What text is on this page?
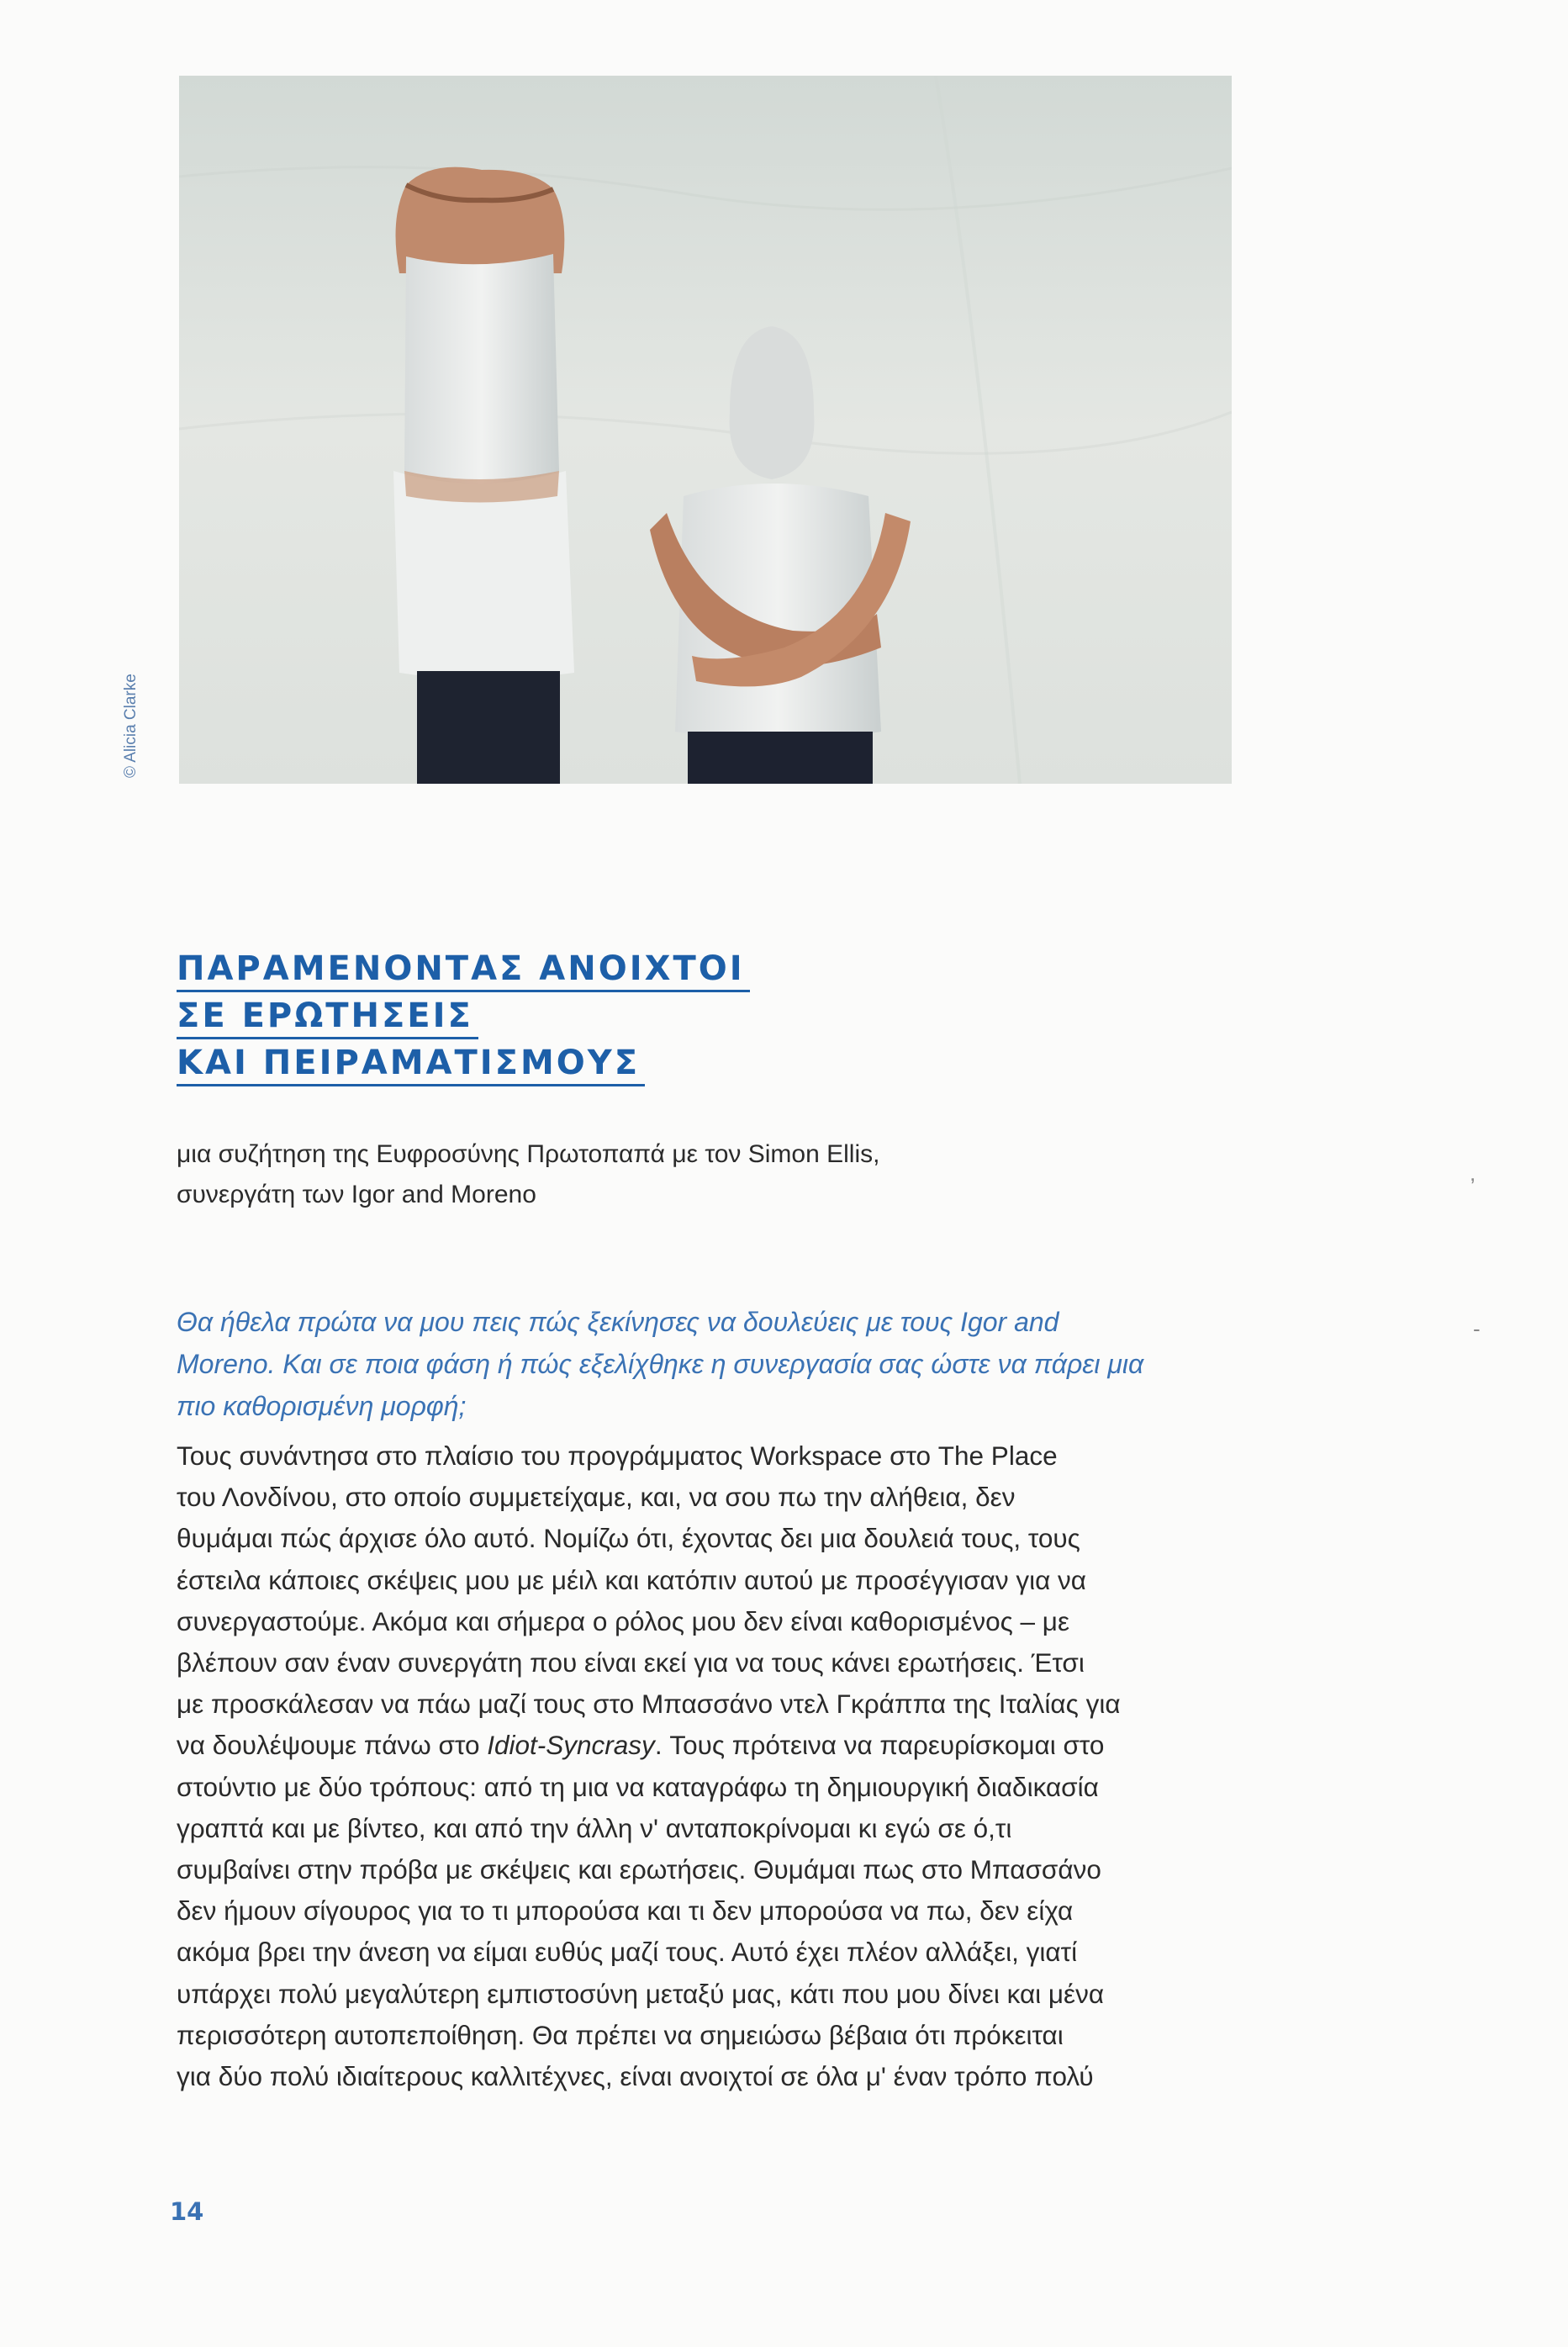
© Alicia Clarke
ΠΑΡΑΜΕΝΟΝΤΑΣ ΑΝΟΙΧΤΟΙ
ΣΕ ΕΡΩΤΗΣΕΙΣ
ΚΑΙ ΠΕΙΡΑΜΑΤΙΣΜΟΥΣ
μια συζήτηση της Ευφροσύνης Πρωτοπαπά με τον Simon Ellis,
συνεργάτη των Igor and Moreno
Θα ήθελα πρώτα να μου πεις πώς ξεκίνησες να δουλεύεις με τους Igor and
Moreno. Και σε ποια φάση ή πώς εξελίχθηκε η συνεργασία σας ώστε να πάρει μια
πιο καθορισμένη μορφή;
Τους συνάντησα στο πλαίσιο του προγράμματος Workspace στο The Place
του Λονδίνου, στο οποίο συμμετείχαμε, και, να σου πω την αλήθεια, δεν
θυμάμαι πώς άρχισε όλο αυτό. Νομίζω ότι, έχοντας δει μια δουλειά τους, τους
έστειλα κάποιες σκέψεις μου με μέιλ και κατόπιν αυτού με προσέγγισαν για να
συνεργαστούμε. Ακόμα και σήμερα ο ρόλος μου δεν είναι καθορισμένος – με
βλέπουν σαν έναν συνεργάτη που είναι εκεί για να τους κάνει ερωτήσεις. Έτσι
με προσκάλεσαν να πάω μαζί τους στο Μπασσάνο ντελ Γκράππα της Ιταλίας για
να δουλέψουμε πάνω στο Idiot-Syncrasy. Τους πρότεινα να παρευρίσκομαι στο
στούντιο με δύο τρόπους: από τη μια να καταγράφω τη δημιουργική διαδικασία
γραπτά και με βίντεο, και από την άλλη ν' ανταποκρίνομαι κι εγώ σε ό,τι
συμβαίνει στην πρόβα με σκέψεις και ερωτήσεις. Θυμάμαι πως στο Μπασσάνο
δεν ήμουν σίγουρος για το τι μπορούσα και τι δεν μπορούσα να πω, δεν είχα
ακόμα βρει την άνεση να είμαι ευθύς μαζί τους. Αυτό έχει πλέον αλλάξει, γιατί
υπάρχει πολύ μεγαλύτερη εμπιστοσύνη μεταξύ μας, κάτι που μου δίνει και μένα
περισσότερη αυτοπεποίθηση. Θα πρέπει να σημειώσω βέβαια ότι πρόκειται
για δύο πολύ ιδιαίτερους καλλιτέχνες, είναι ανοιχτοί σε όλα μ' έναν τρόπο πολύ
14
,
-
